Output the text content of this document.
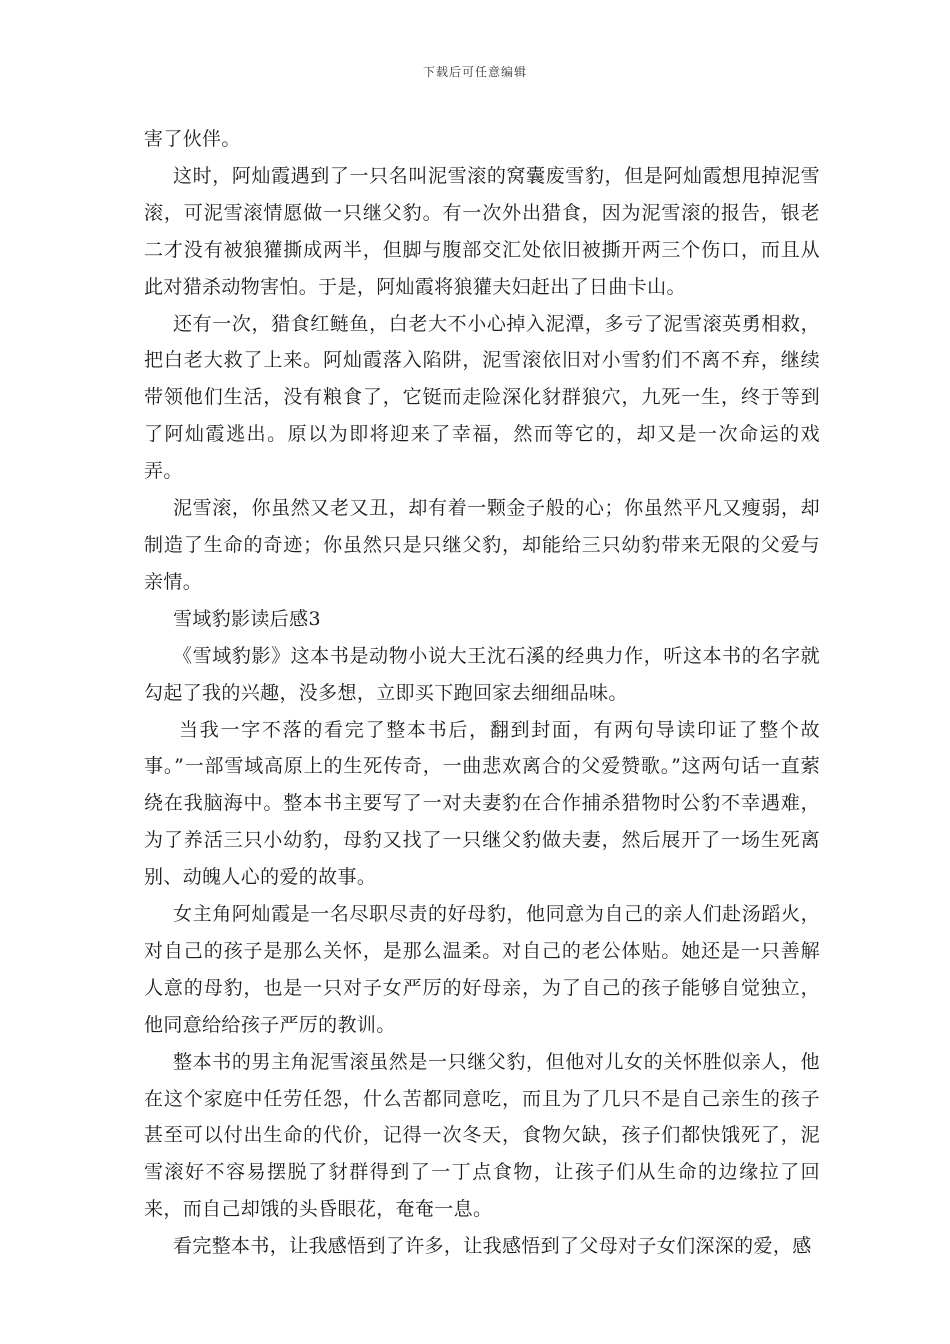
下载后可任意编辑

害了伙伴。

这时，阿灿霞遇到了一只名叫泥雪滚的窝囊废雪豹，但是阿灿霞想甩掉泥雪滚，可泥雪滚情愿做一只继父豹。有一次外出猎食，因为泥雪滚的报告，银老二才没有被狼獾撕成两半，但脚与腹部交汇处依旧被撕开两三个伤口，而且从此对猎杀动物害怕。于是，阿灿霞将狼獾夫妇赶出了日曲卡山。

还有一次，猎食红鲢鱼，白老大不小心掉入泥潭，多亏了泥雪滚英勇相救，把白老大救了上来。阿灿霞落入陷阱，泥雪滚依旧对小雪豹们不离不弃，继续带领他们生活，没有粮食了，它铤而走险深化豺群狼穴，九死一生，终于等到了阿灿霞逃出。原以为即将迎来了幸福，然而等它的，却又是一次命运的戏弄。

泥雪滚，你虽然又老又丑，却有着一颗金子般的心；你虽然平凡又瘦弱，却制造了生命的奇迹；你虽然只是只继父豹，却能给三只幼豹带来无限的父爱与亲情。

雪域豹影读后感3

《雪域豹影》这本书是动物小说大王沈石溪的经典力作，听这本书的名字就勾起了我的兴趣，没多想，立即买下跑回家去细细品味。

当我一字不落的看完了整本书后，翻到封面，有两句导读印证了整个故事。”一部雪域高原上的生死传奇，一曲悲欢离合的父爱赞歌。”这两句话一直萦绕在我脑海中。整本书主要写了一对夫妻豹在合作捕杀猎物时公豹不幸遇难，为了养活三只小幼豹，母豹又找了一只继父豹做夫妻，然后展开了一场生死离别、动魄人心的爱的故事。

女主角阿灿霞是一名尽职尽责的好母豹，他同意为自己的亲人们赴汤蹈火，对自己的孩子是那么关怀，是那么温柔。对自己的老公体贴。她还是一只善解人意的母豹，也是一只对子女严厉的好母亲，为了自己的孩子能够自觉独立，他同意给给孩子严厉的教训。

整本书的男主角泥雪滚虽然是一只继父豹，但他对儿女的关怀胜似亲人，他在这个家庭中任劳任怨，什么苦都同意吃，而且为了几只不是自己亲生的孩子甚至可以付出生命的代价，记得一次冬天，食物欠缺，孩子们都快饿死了，泥雪滚好不容易摆脱了豺群得到了一丁点食物，让孩子们从生命的边缘拉了回来，而自己却饿的头昏眼花，奄奄一息。

看完整本书，让我感悟到了许多，让我感悟到了父母对子女们深深的爱，感
